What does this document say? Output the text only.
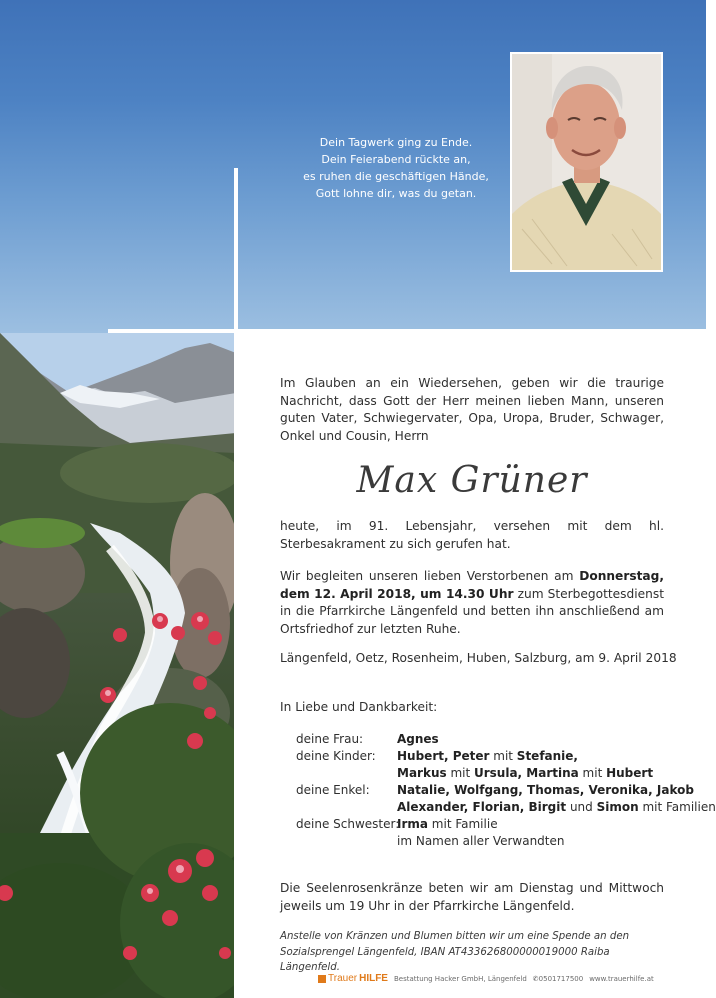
Dein Tagwerk ging zu Ende.
Dein Feierabend rückte an,
es ruhen die geschäftigen Hände,
Gott lohne dir, was du getan.
Im Glauben an ein Wiedersehen, geben wir die traurige Nachricht, dass Gott der Herr meinen lieben Mann, unseren guten Vater, Schwiegervater, Opa, Uropa, Bruder, Schwager, Onkel und Cousin, Herrn
Max Grüner
heute, im 91. Lebensjahr, versehen mit dem hl. Sterbesakrament zu sich gerufen hat.
Wir begleiten unseren lieben Verstorbenen am Donnerstag, dem 12. April 2018, um 14.30 Uhr zum Sterbegottesdienst in die Pfarrkirche Längenfeld und betten ihn anschließend am Ortsfriedhof zur letzten Ruhe.
Längenfeld, Oetz, Rosenheim, Huben, Salzburg, am 9. April 2018
In Liebe und Dankbarkeit:
deine Frau:	Agnes
deine Kinder:	Hubert, Peter mit Stefanie,
Markus mit Ursula, Martina mit Hubert
deine Enkel:	Natalie, Wolfgang, Thomas, Veronika, Jakob
Alexander, Florian, Birgit und Simon mit Familien
deine Schwester:
Irma mit Familie
im Namen aller Verwandten
Die Seelenrosenkränze beten wir am Dienstag und Mittwoch jeweils um 19 Uhr in der Pfarrkirche Längenfeld.
Anstelle von Kränzen und Blumen bitten wir um eine Spende an den Sozialsprengel Längenfeld, IBAN AT433626800000019000 Raiba Längenfeld.
Trauer HILFE Bestattung Hacker GmbH, Längenfeld ✆0501717500 www.trauerhilfe.at
